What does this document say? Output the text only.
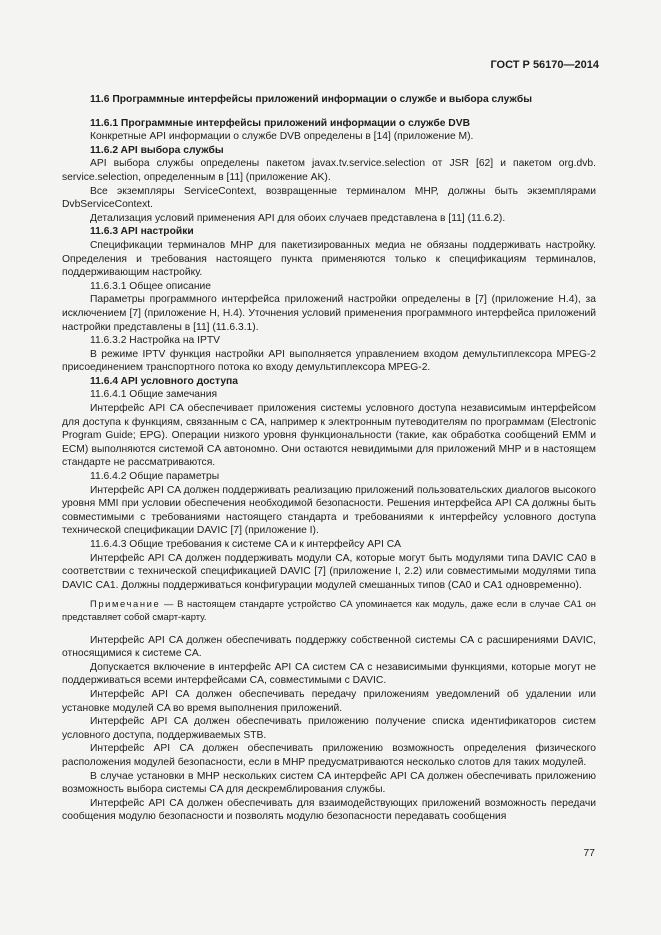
ГОСТ Р 56170—2014
11.6 Программные интерфейсы приложений информации о службе и выбора службы
11.6.1 Программные интерфейсы приложений информации о службе DVB

Конкретные API информации о службе DVB определены в [14] (приложение M).

11.6.2 API выбора службы

API выбора службы определены пакетом javax.tv.service.selection от JSR [62] и пакетом org.dvb. service.selection, определенным в [11] (приложение AK).

Все экземпляры ServiceContext, возвращенные терминалом МНР, должны быть экземплярами DvbServiceContext.

Детализация условий применения API для обоих случаев представлена в [11] (11.6.2).

11.6.3 API настройки

Спецификации терминалов МНР для пакетизированных медиа не обязаны поддерживать настройку. Определения и требования настоящего пункта применяются только к спецификациям терминалов, поддерживающим настройку.

11.6.3.1 Общее описание

Параметры программного интерфейса приложений настройки определены в [7] (приложение H.4), за исключением [7] (приложение H, H.4). Уточнения условий применения программного интерфейса приложений настройки представлены в [11] (11.6.3.1).

11.6.3.2 Настройка на IPTV

В режиме IPTV функция настройки API выполняется управлением входом демультиплексора MPEG-2 присоединением транспортного потока ко входу демультиплексора MPEG-2.

11.6.4 API условного доступа
11.6.4.1 Общие замечания

Интерфейс API CA обеспечивает приложения системы условного доступа независимым интерфейсом для доступа к функциям, связанным с CA, например к электронным путеводителям по программам (Electronic Program Guide; EPG). Операции низкого уровня функциональности (такие, как обработка сообщений ЕММ и ECM) выполняются системой CA автономно. Они остаются невидимыми для приложений МНР и в настоящем стандарте не рассматриваются.

11.6.4.2 Общие параметры

Интерфейс API CA должен поддерживать реализацию приложений пользовательских диалогов высокого уровня MMI при условии обеспечения необходимой безопасности. Решения интерфейса API CA должны быть совместимыми с требованиями настоящего стандарта и требованиями к интерфейсу условного доступа технической спецификации DAVIC [7] (приложение I).

11.6.4.3 Общие требования к системе CA и к интерфейсу API CA

Интерфейс API CA должен поддерживать модули CA, которые могут быть модулями типа DAVIC CA0 в соответствии с технической спецификацией DAVIC [7] (приложение I, 2.2) или совместимыми модулями типа DAVIC CA1. Должны поддерживаться конфигурации модулей смешанных типов (CA0 и CA1 одновременно).

Примечание — В настоящем стандарте устройство CA упоминается как модуль, даже если в случае CA1 он представляет собой смарт-карту.

Интерфейс API CA должен обеспечивать поддержку собственной системы CA с расширениями DAVIC, относящимися к системе CA.

Допускается включение в интерфейс API CA систем CA с независимыми функциями, которые могут не поддерживаться всеми интерфейсами CA, совместимыми с DAVIC.

Интерфейс API CA должен обеспечивать передачу приложениям уведомлений об удалении или установке модулей CA во время выполнения приложений.

Интерфейс API CA должен обеспечивать приложению получение списка идентификаторов систем условного доступа, поддерживаемых STB.

Интерфейс API CA должен обеспечивать приложению возможность определения физического расположения модулей безопасности, если в МНР предусматриваются несколько слотов для таких модулей.

В случае установки в МНР нескольких систем CA интерфейс API CA должен обеспечивать приложению возможность выбора системы CA для дескремблирования службы.

Интерфейс API CA должен обеспечивать для взаимодействующих приложений возможность передачи сообщения модулю безопасности и позволять модулю безопасности передавать сообщения

77
